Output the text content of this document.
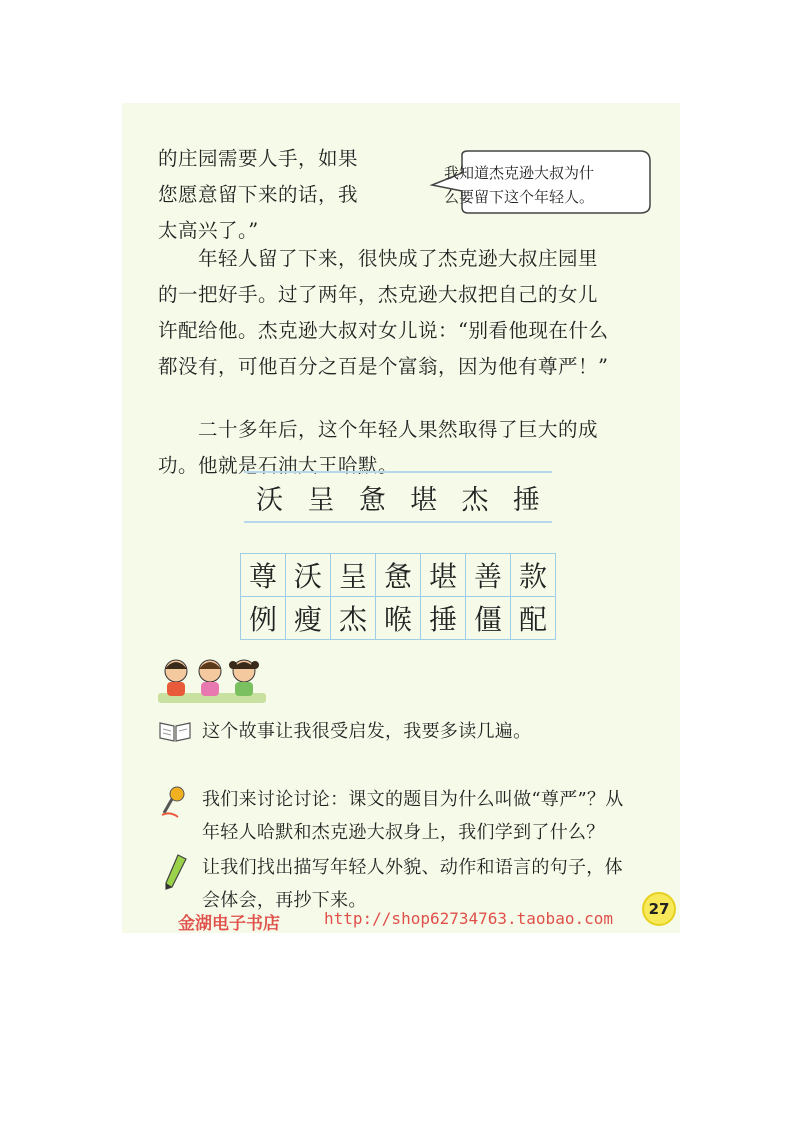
的庄园需要人手，如果
您愿意留下来的话，我
太高兴了。”
我知道杰克逊大叔为什
么要留下这个年轻人。
　　年轻人留了下来，很快成了杰克逊大叔庄园里
的一把好手。过了两年，杰克逊大叔把自己的女儿
许配给他。杰克逊大叔对女儿说：“别看他现在什么
都没有，可他百分之百是个富翁，因为他有尊严！”
　　二十多年后，这个年轻人果然取得了巨大的成
功。他就是石油大王哈默。
沃 呈 惫 堪 杰 捶
尊	沃	呈	惫	堪	善	款
例	瘦	杰	喉	捶	僵	配
这个故事让我很受启发，我要多读几遍。
我们来讨论讨论：课文的题目为什么叫做“尊严”？从
年轻人哈默和杰克逊大叔身上，我们学到了什么？
让我们找出描写年轻人外貌、动作和语言的句子，体
会体会，再抄下来。
金湖电子书店	http://shop62734763.taobao.com	27
